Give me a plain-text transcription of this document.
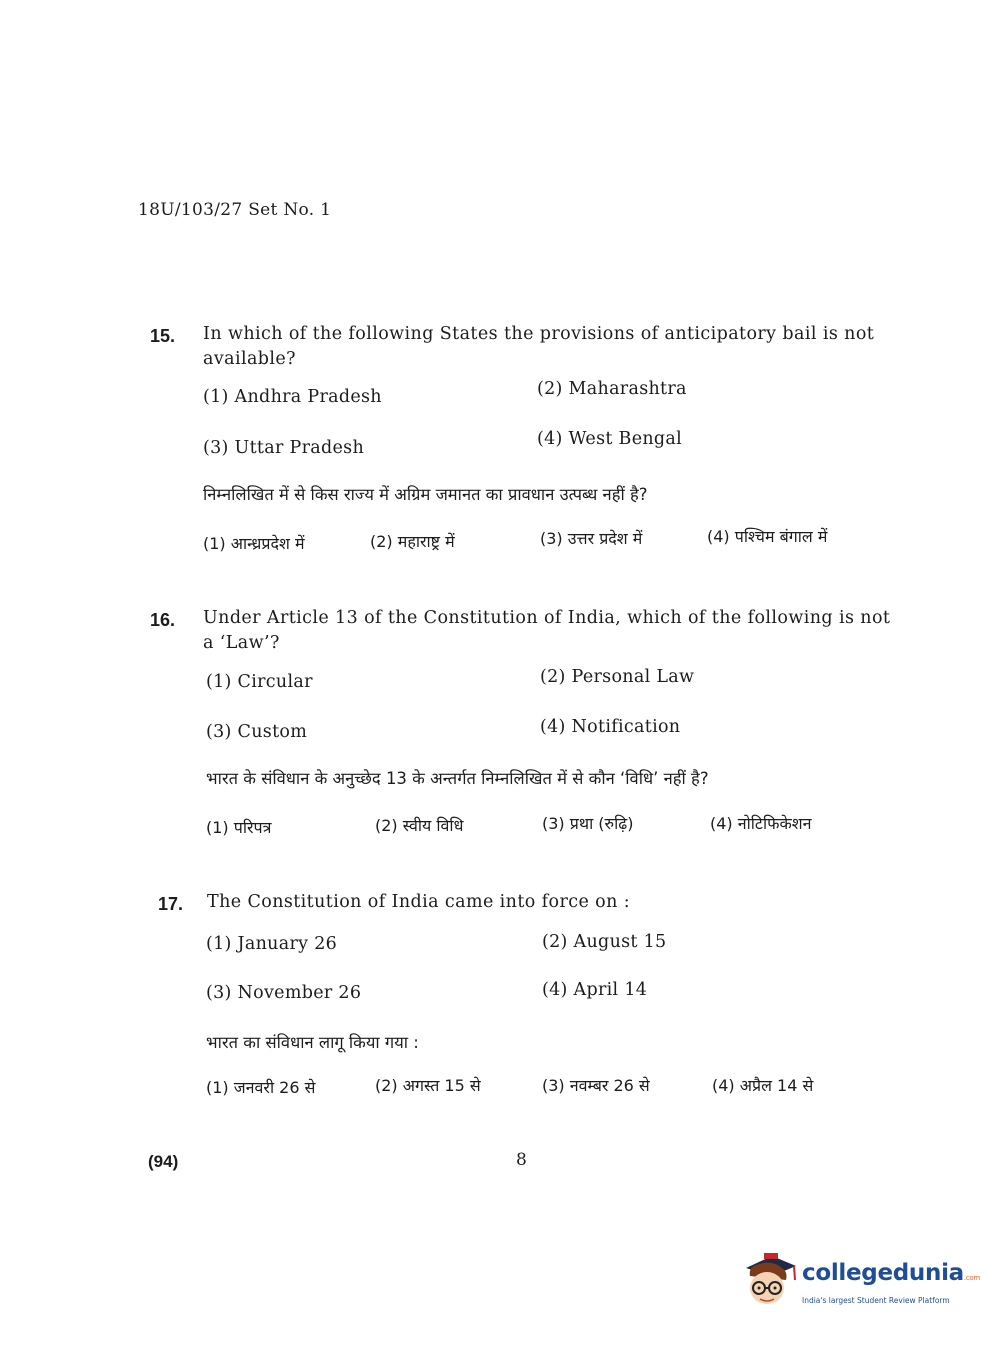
18U/103/27 Set No. 1
15. In which of the following States the provisions of anticipatory bail is not available?
(1) Andhra Pradesh	(2) Maharashtra
(3) Uttar Pradesh	(4) West Bengal
निम्नलिखित में से किस राज्य में अग्रिम जमानत का प्रावधान उत्पब्ध नहीं है?
(1) आन्ध्रप्रदेश में	(2) महाराष्ट्र में	(3) उत्तर प्रदेश में	(4) पश्चिम बंगाल में
16. Under Article 13 of the Constitution of India, which of the following is not a ‘Law’?
(1) Circular	(2) Personal Law
(3) Custom	(4) Notification
भारत के संविधान के अनुच्छेद 13 के अन्तर्गत निम्नलिखित में से कौन ‘विधि’ नहीं है?
(1) परिपत्र	(2) स्वीय विधि	(3) प्रथा (रुढ़ि)	(4) नोटिफिकेशन
17. The Constitution of India came into force on :
(1) January 26	(2) August 15
(3) November 26	(4) April 14
भारत का संविधान लागू किया गया :
(1) जनवरी 26 से	(2) अगस्त 15 से	(3) नवम्बर 26 से	(4) अप्रैल 14 से
(94)	8
collegedunia.com
India's largest Student Review Platform
